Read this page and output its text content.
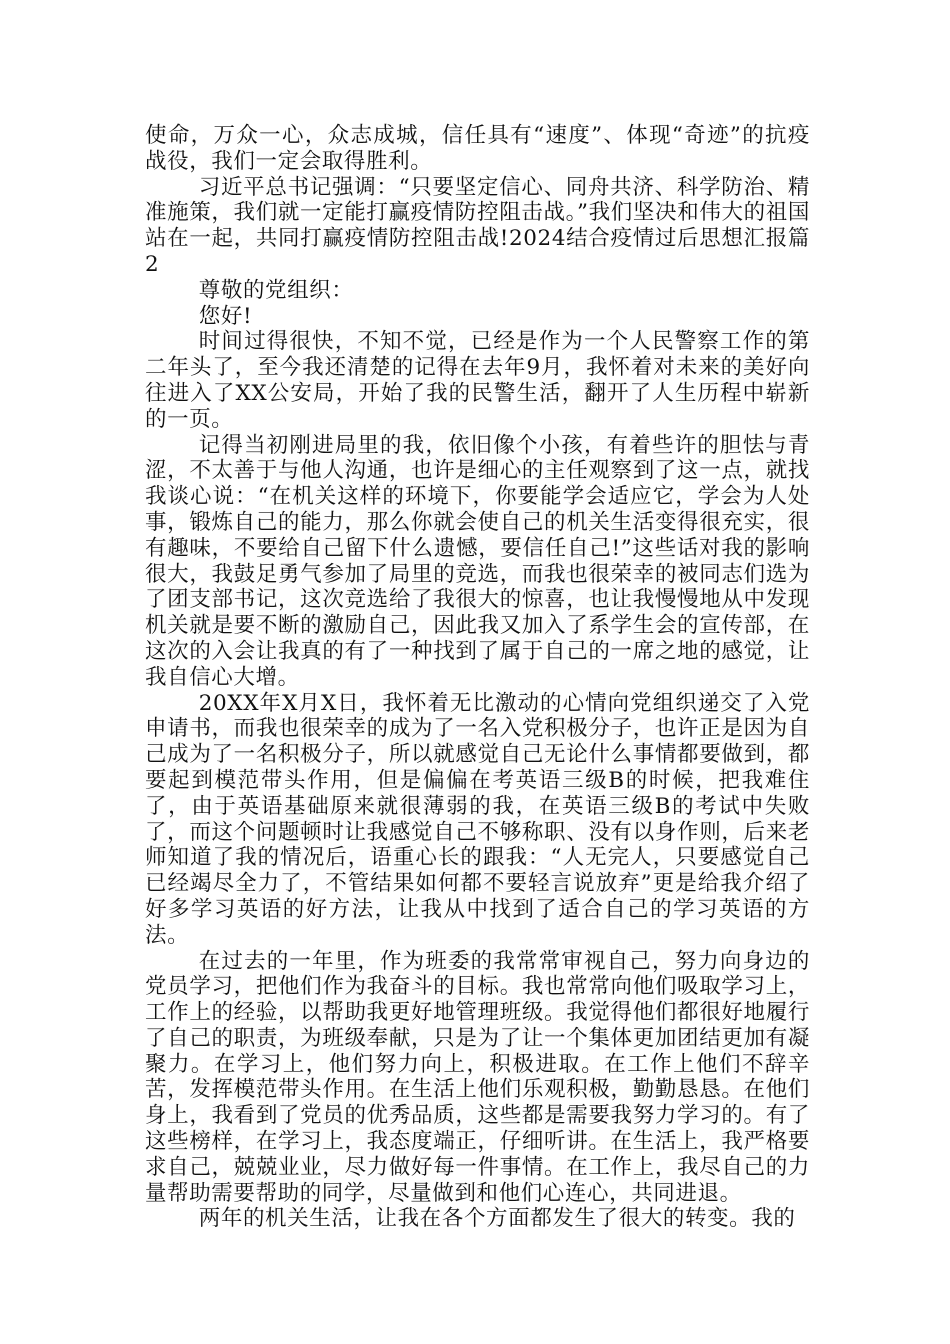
使命，万众一心，众志成城，信任具有“速度”、体现“奇迹”的抗疫战役，我们一定会取得胜利。

习近平总书记强调：“只要坚定信心、同舟共济、科学防治、精准施策，我们就一定能打赢疫情防控阻击战。”我们坚决和伟大的祖国站在一起，共同打赢疫情防控阻击战!2024结合疫情过后思想汇报篇2

尊敬的党组织：

您好!

时间过得很快，不知不觉，已经是作为一个人民警察工作的第二年头了，至今我还清楚的记得在去年9月，我怀着对未来的美好向往进入了XX公安局，开始了我的民警生活，翻开了人生历程中崭新的一页。

记得当初刚进局里的我，依旧像个小孩，有着些许的胆怯与青涩，不太善于与他人沟通，也许是细心的主任观察到了这一点，就找我谈心说：“在机关这样的环境下，你要能学会适应它，学会为人处事，锻炼自己的能力，那么你就会使自己的机关生活变得很充实，很有趣味，不要给自己留下什么遗憾，要信任自己!”这些话对我的影响很大，我鼓足勇气参加了局里的竞选，而我也很荣幸的被同志们选为了团支部书记，这次竞选给了我很大的惊喜，也让我慢慢地从中发现机关就是要不断的激励自己，因此我又加入了系学生会的宣传部，在这次的入会让我真的有了一种找到了属于自己的一席之地的感觉，让我自信心大增。

20XX年X月X日，我怀着无比激动的心情向党组织递交了入党申请书，而我也很荣幸的成为了一名入党积极分子，也许正是因为自己成为了一名积极分子，所以就感觉自己无论什么事情都要做到，都要起到模范带头作用，但是偏偏在考英语三级B的时候，把我难住了，由于英语基础原来就很薄弱的我，在英语三级B的考试中失败了，而这个问题顿时让我感觉自己不够称职、没有以身作则，后来老师知道了我的情况后，语重心长的跟我：“人无完人，只要感觉自己已经竭尽全力了，不管结果如何都不要轻言说放弃”更是给我介绍了好多学习英语的好方法，让我从中找到了适合自己的学习英语的方法。

在过去的一年里，作为班委的我常常审视自己，努力向身边的党员学习，把他们作为我奋斗的目标。我也常常向他们吸取学习上，工作上的经验，以帮助我更好地管理班级。我觉得他们都很好地履行了自己的职责，为班级奉献，只是为了让一个集体更加团结更加有凝聚力。在学习上，他们努力向上，积极进取。在工作上他们不辞辛苦，发挥模范带头作用。在生活上他们乐观积极，勤勤恳恳。在他们身上，我看到了党员的优秀品质，这些都是需要我努力学习的。有了这些榜样，在学习上，我态度端正，仔细听讲。在生活上，我严格要求自己，兢兢业业，尽力做好每一件事情。在工作上，我尽自己的力量帮助需要帮助的同学，尽量做到和他们心连心，共同进退。

两年的机关生活，让我在各个方面都发生了很大的转变。我的
